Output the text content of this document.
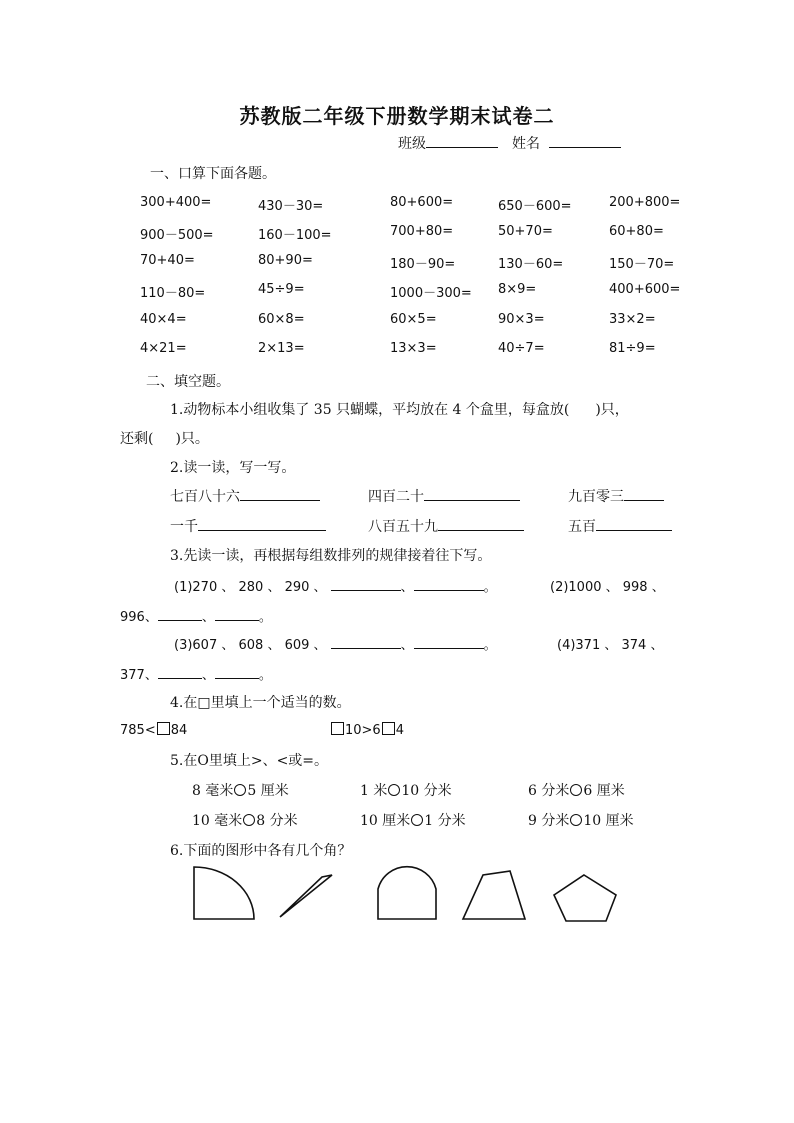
苏教版二年级下册数学期末试卷二
班级	姓名
一、口算下面各题。
300+400=	430－30=	80+600=	650－600=	200+800=
900－500=	160－100=	700+80=	50+70=	60+80=
70+40=	80+90=	180－90=	130－60=	150－70=
110－80=	45÷9=	1000－300= 8×9=	400+600=
40×4=	60×8=	60×5=	90×3=	33×2=
4×21=	2×13=	13×3=	40÷7=	81÷9=
二、填空题。
1.动物标本小组收集了 35 只蝴蝶，平均放在 4 个盒里，每盒放( )只，
还剩( )只。
2.读一读，写一写。
七百八十六	四百二十	九百零三
一千	八百五十九	五百
3.先读一读，再根据每组数排列的规律接着往下写。
(1)270 、 280 、 290 、	、	。	(2)1000 、 998 、
996、	、	。
(3)607 、 608 、 609 、	、	。	(4)371 、 374 、
377、	、	。
4.在□里填上一个适当的数。
785< 84	10>6 4
5.在O里填上>、<或=。
8 毫米 5 厘米	1 米 10 分米	6 分米 6 厘米
10 毫米 8 分米	10 厘米 1 分米	9 分米 10 厘米
6.下面的图形中各有几个角？
